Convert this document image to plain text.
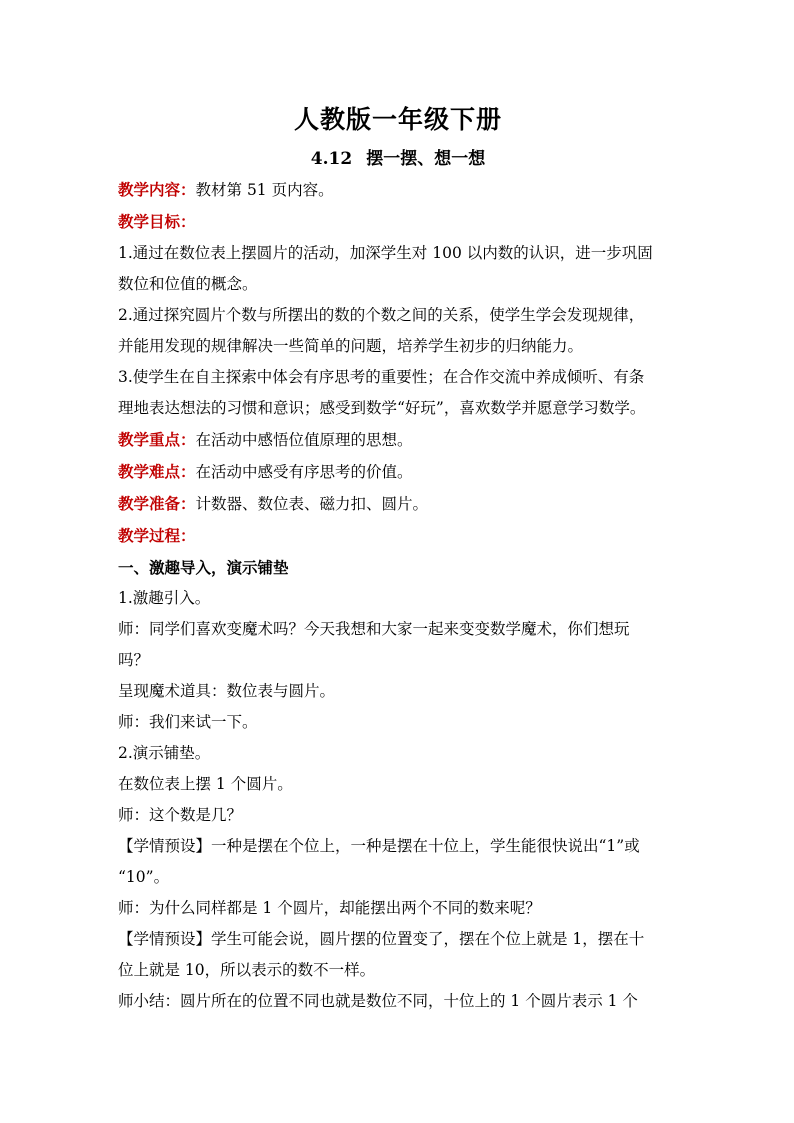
人教版一年级下册
4.12 摆一摆、想一想

教学内容：教材第 51 页内容。

教学目标：

1.通过在数位表上摆圆片的活动，加深学生对 100 以内数的认识，进一步巩固

数位和位值的概念。

2.通过探究圆片个数与所摆出的数的个数之间的关系，使学生学会发现规律，

并能用发现的规律解决一些简单的问题，培养学生初步的归纳能力。

3.使学生在自主探索中体会有序思考的重要性；在合作交流中养成倾听、有条

理地表达想法的习惯和意识；感受到数学“好玩”，喜欢数学并愿意学习数学。

教学重点：在活动中感悟位值原理的思想。

教学难点：在活动中感受有序思考的价值。

教学准备：计数器、数位表、磁力扣、圆片。

教学过程：

一、激趣导入，演示铺垫

1.激趣引入。

师：同学们喜欢变魔术吗？今天我想和大家一起来变变数学魔术，你们想玩

吗？

呈现魔术道具：数位表与圆片。

师：我们来试一下。

2.演示铺垫。

在数位表上摆 1 个圆片。

师：这个数是几？

【学情预设】一种是摆在个位上，一种是摆在十位上，学生能很快说出“1”或

“10”。

师：为什么同样都是 1 个圆片，却能摆出两个不同的数来呢？

【学情预设】学生可能会说，圆片摆的位置变了，摆在个位上就是 1，摆在十

位上就是 10，所以表示的数不一样。

师小结：圆片所在的位置不同也就是数位不同，十位上的 1 个圆片表示 1 个
